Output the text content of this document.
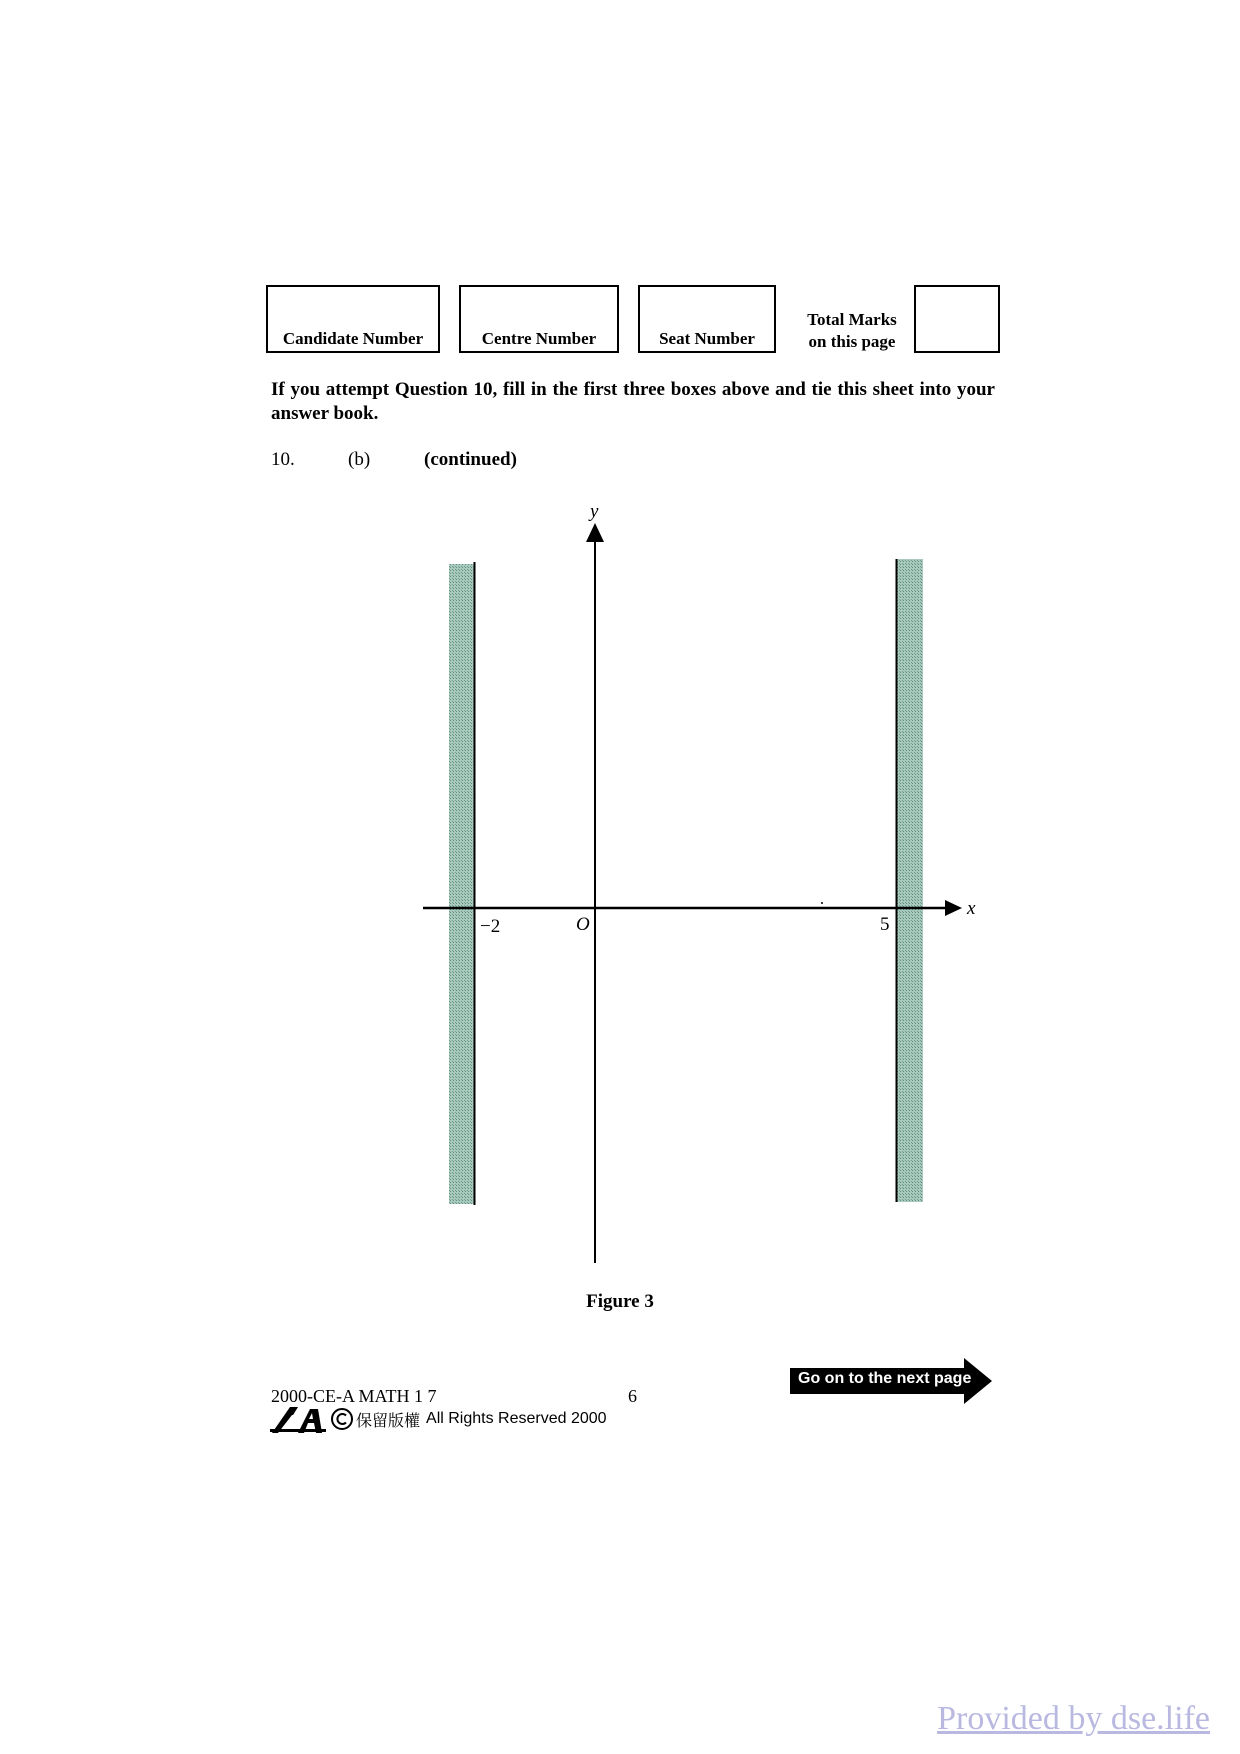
Candidate Number	Centre Number	Seat Number
Total Marks
on this page
If you attempt Question 10, fill in the first three boxes above and tie this sheet into your answer book.
10.	(b)	(continued)
y
x
O
−2	5
Figure 3
2000-CE-A MATH 1 7	6
保留版權 All Rights Reserved 2000
Go on to the next page
Provided by dse.life
